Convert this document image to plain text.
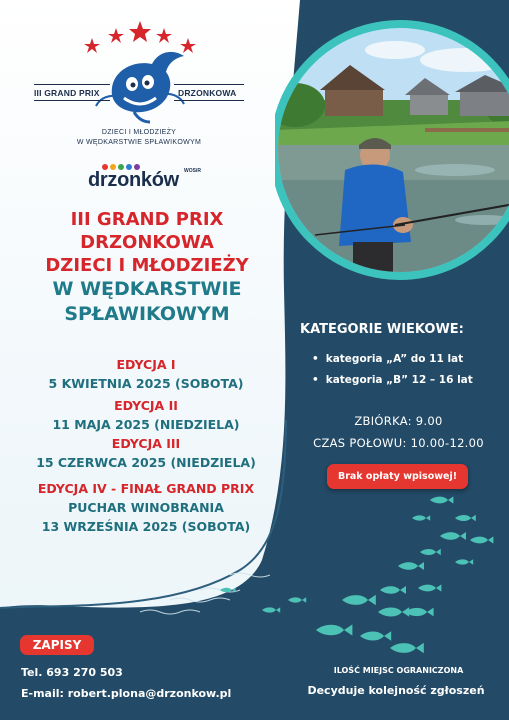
III GRAND PRIX	DRZONKOWA
DZIECI I MŁODZIEŻY
W WĘDKARSTWIE SPŁAWIKOWYM
drzonków WOSiR
III GRAND PRIX
DRZONKOWA
DZIECI I MŁODZIEŻY
W WĘDKARSTWIE
SPŁAWIKOWYM
EDYCJA I
5 KWIETNIA 2025 (SOBOTA)
EDYCJA II
11 MAJA 2025 (NIEDZIELA)
EDYCJA III
15 CZERWCA 2025 (NIEDZIELA)
EDYCJA IV - FINAŁ GRAND PRIX
PUCHAR WINOBRANIA
13 WRZEŚNIA 2025 (SOBOTA)
KATEGORIE WIEKOWE:
• kategoria „A” do 11 lat
• kategoria „B” 12 – 16 lat
ZBIÓRKA: 9.00
CZAS POŁOWU: 10.00-12.00
Brak opłaty wpisowej!
ZAPISY
Tel. 693 270 503
E-mail: robert.plona@drzonkow.pl
ILOŚĆ MIEJSC OGRANICZONA
Decyduje kolejność zgłoszeń
